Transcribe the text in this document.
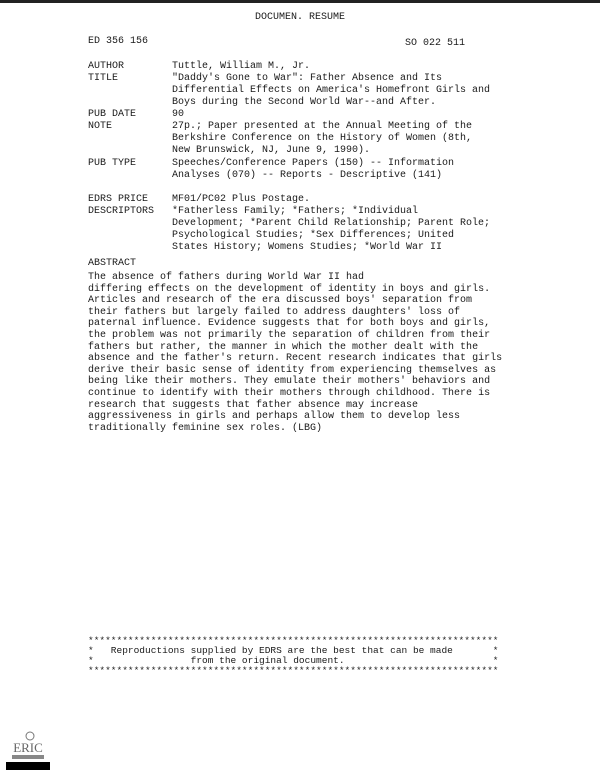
DOCUMEN. RESUME
ED 356 156	SO 022 511
AUTHOR	Tuttle, William M., Jr.
TITLE	"Daddy's Gone to War": Father Absence and Its
Differential Effects on America's Homefront Girls and
Boys during the Second World War--and After.
PUB DATE	90
NOTE	27p.; Paper presented at the Annual Meeting of the
Berkshire Conference on the History of Women (8th,
New Brunswick, NJ, June 9, 1990).
PUB TYPE	Speeches/Conference Papers (150) -- Information
Analyses (070) -- Reports - Descriptive (141)
EDRS PRICE	MF01/PC02 Plus Postage.
DESCRIPTORS	*Fatherless Family; *Fathers; *Individual
Development; *Parent Child Relationship; Parent Role;
Psychological Studies; *Sex Differences; United
States History; Womens Studies; *World War II
ABSTRACT
The absence of fathers during World War II had
differing effects on the development of identity in boys and girls.
Articles and research of the era discussed boys' separation from
their fathers but largely failed to address daughters' loss of
paternal influence. Evidence suggests that for both boys and girls,
the problem was not primarily the separation of children from their
fathers but rather, the manner in which the mother dealt with the
absence and the father's return. Recent research indicates that girls
derive their basic sense of identity from experiencing themselves as
being like their mothers. They emulate their mothers' behaviors and
continue to identify with their mothers through childhood. There is
research that suggests that father absence may increase
aggressiveness in girls and perhaps allow them to develop less
traditionally feminine sex roles. (LBG)
************************************************************************
*   Reproductions supplied by EDRS are the best that can be made       *
*                 from the original document.                          *
************************************************************************
ERIC
